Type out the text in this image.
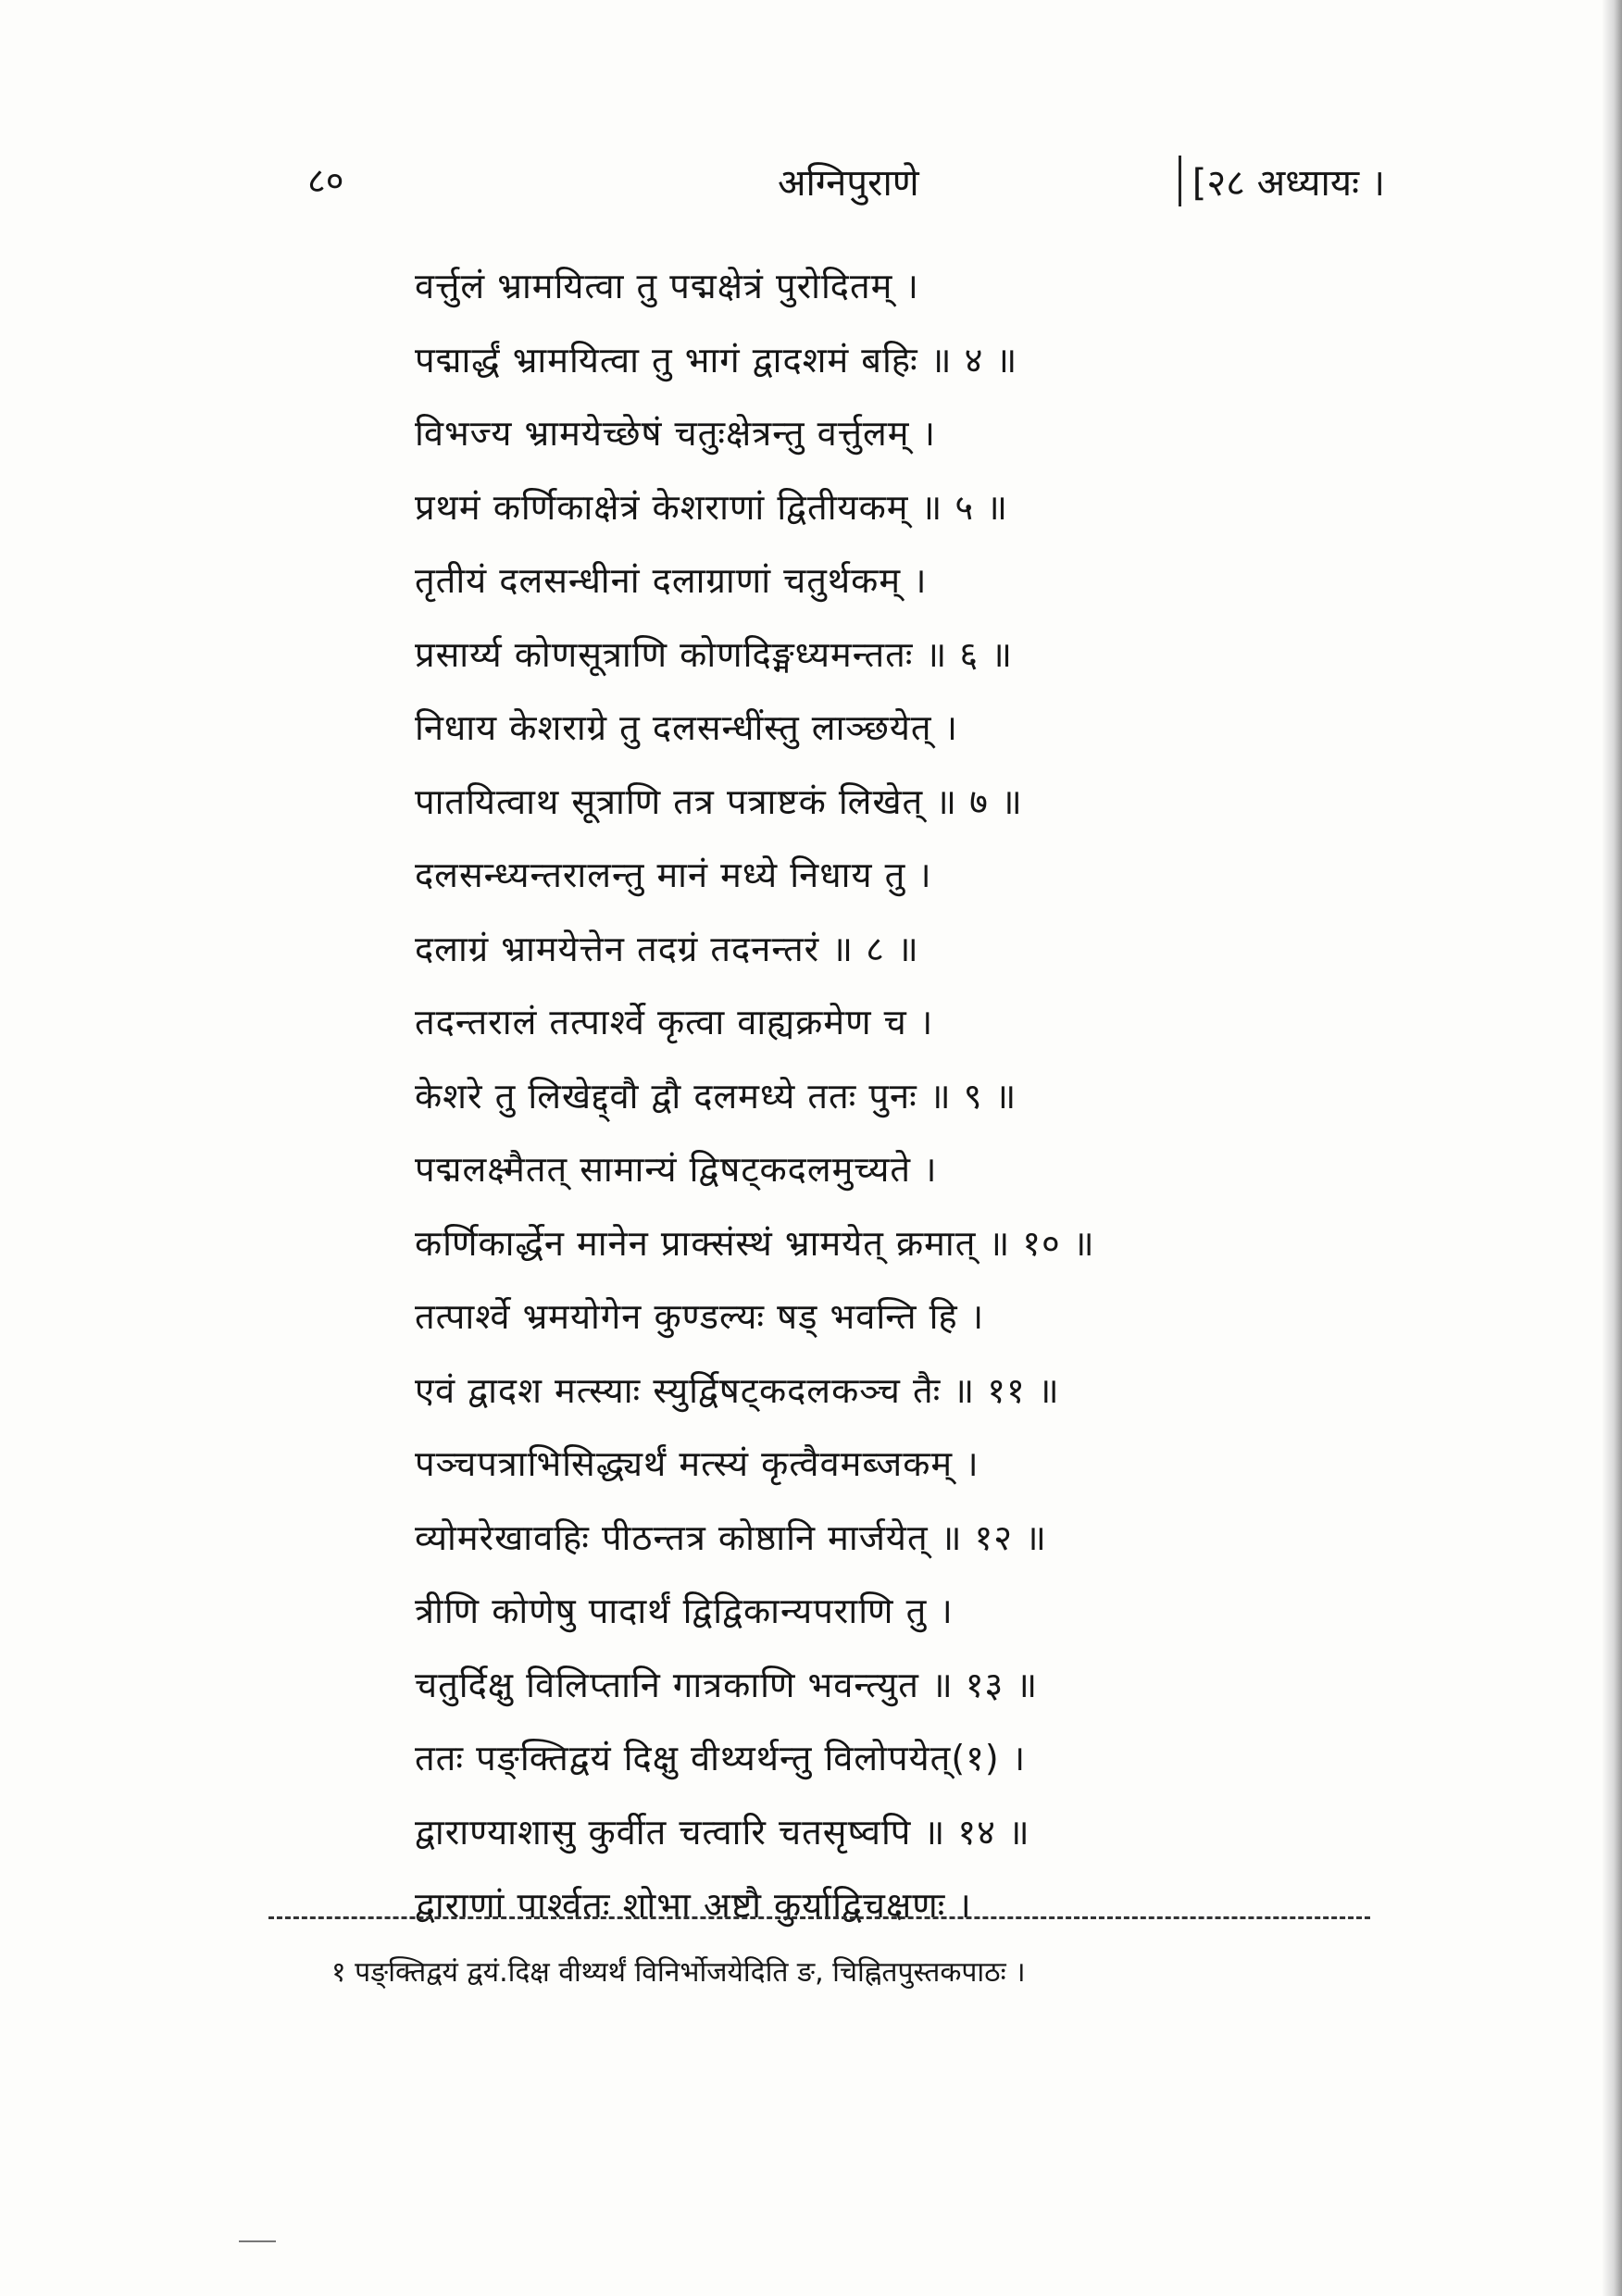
८०	अग्निपुराणे	[२८ अध्यायः ।
वर्त्तुलं भ्रामयित्वा तु पद्मक्षेत्रं पुरोदितम् ।
पद्मार्द्धं भ्रामयित्वा तु भागं द्वादशमं बहिः ॥ ४ ॥
विभज्य भ्रामयेच्छेषं चतुःक्षेत्रन्तु वर्त्तुलम् ।
प्रथमं कर्णिकाक्षेत्रं केशराणां द्वितीयकम् ॥ ५ ॥
तृतीयं दलसन्धीनां दलाग्राणां चतुर्थकम् ।
प्रसार्य्य कोणसूत्राणि कोणदिङ्मध्यमन्ततः ॥ ६ ॥
निधाय केशराग्रे तु दलसन्धींस्तु लाञ्छयेत् ।
पातयित्वाथ सूत्राणि तत्र पत्राष्टकं लिखेत् ॥ ७ ॥
दलसन्ध्यन्तरालन्तु मानं मध्ये निधाय तु ।
दलाग्रं भ्रामयेत्तेन तदग्रं तदनन्तरं ॥ ८ ॥
तदन्तरालं तत्पार्श्वे कृत्वा वाह्यक्रमेण च ।
केशरे तु लिखेद्द्वौ द्वौ दलमध्ये ततः पुनः ॥ ९ ॥
पद्मलक्ष्मैतत् सामान्यं द्विषट्कदलमुच्यते ।
कर्णिकार्द्धेन मानेन प्राक्संस्थं भ्रामयेत् क्रमात् ॥ १० ॥
तत्पार्श्वे भ्रमयोगेन कुण्डल्यः षड् भवन्ति हि ।
एवं द्वादश मत्स्याः स्युर्द्विषट्कदलकञ्च तैः ॥ ११ ॥
पञ्चपत्राभिसिद्ध्यर्थं मत्स्यं कृत्वैवमब्जकम् ।
व्योमरेखावहिः पीठन्तत्र कोष्ठानि मार्जयेत् ॥ १२ ॥
त्रीणि कोणेषु पादार्थं द्विद्विकान्यपराणि तु ।
चतुर्दिक्षु विलिप्तानि गात्रकाणि भवन्त्युत ॥ १३ ॥
ततः पङ्क्तिद्वयं दिक्षु वीथ्यर्थन्तु विलोपयेत्(१) ।
द्वाराण्याशासु कुर्वीत चत्वारि चतसृष्वपि ॥ १४ ॥
द्वाराणां पार्श्वतः शोभा अष्टौ कुर्याद्विचक्षणः ।
१ पङ्क्तिद्वयं द्वयं.दिक्ष वीथ्यर्थं विनिर्भोजयेदिति ङ, चिह्नितपुस्तकपाठः ।
